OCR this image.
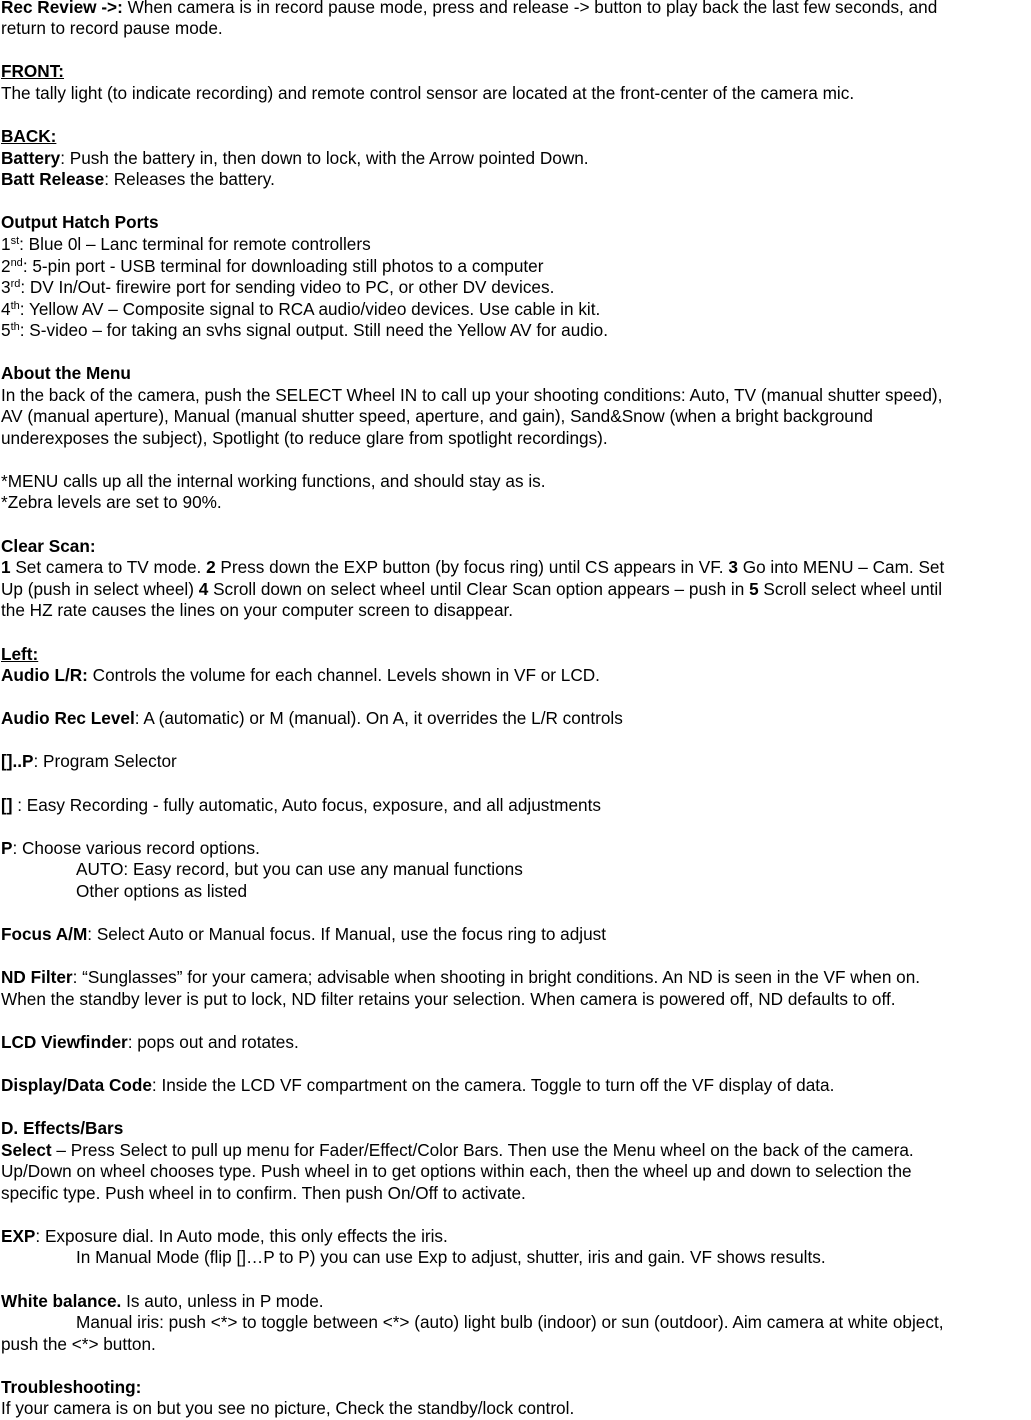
Rec Review ->: When camera is in record pause mode, press and release -> button to play back the last few seconds, and
return to record pause mode.
FRONT:
The tally light (to indicate recording) and remote control sensor are located at the front-center of the camera mic.
BACK:
Battery: Push the battery in, then down to lock, with the Arrow pointed Down.
Batt Release: Releases the battery.
Output Hatch Ports
1st: Blue 0l – Lanc terminal for remote controllers
2nd: 5-pin port - USB terminal for downloading still photos to a computer
3rd: DV In/Out- firewire port for sending video to PC, or other DV devices.
4th: Yellow AV – Composite signal to RCA audio/video devices. Use cable in kit.
5th: S-video – for taking an svhs signal output. Still need the Yellow AV for audio.
About the Menu
In the back of the camera, push the SELECT Wheel IN to call up your shooting conditions: Auto, TV (manual shutter speed),
AV (manual aperture), Manual (manual shutter speed, aperture, and gain), Sand&Snow (when a bright background
underexposes the subject), Spotlight (to reduce glare from spotlight recordings).
*MENU calls up all the internal working functions, and should stay as is.
*Zebra levels are set to 90%.
Clear Scan:
1 Set camera to TV mode. 2 Press down the EXP button (by focus ring) until CS appears in VF. 3 Go into MENU – Cam. Set
Up (push in select wheel) 4 Scroll down on select wheel until Clear Scan option appears – push in 5 Scroll select wheel until
the HZ rate causes the lines on your computer screen to disappear.
Left:
Audio L/R: Controls the volume for each channel. Levels shown in VF or LCD.
Audio Rec Level: A (automatic) or M (manual). On A, it overrides the L/R controls
[]..P: Program Selector
[] : Easy Recording - fully automatic, Auto focus, exposure, and all adjustments
P: Choose various record options.
AUTO: Easy record, but you can use any manual functions
Other options as listed
Focus A/M: Select Auto or Manual focus. If Manual, use the focus ring to adjust
ND Filter: “Sunglasses” for your camera; advisable when shooting in bright conditions. An ND is seen in the VF when on.
When the standby lever is put to lock, ND filter retains your selection. When camera is powered off, ND defaults to off.
LCD Viewfinder: pops out and rotates.
Display/Data Code: Inside the LCD VF compartment on the camera. Toggle to turn off the VF display of data.
D. Effects/Bars
Select – Press Select to pull up menu for Fader/Effect/Color Bars. Then use the Menu wheel on the back of the camera.
Up/Down on wheel chooses type. Push wheel in to get options within each, then the wheel up and down to selection the
specific type. Push wheel in to confirm. Then push On/Off to activate.
EXP: Exposure dial. In Auto mode, this only effects the iris.
In Manual Mode (flip []…P to P) you can use Exp to adjust, shutter, iris and gain. VF shows results.
White balance. Is auto, unless in P mode.
Manual iris: push <*> to toggle between <*> (auto) light bulb (indoor) or sun (outdoor). Aim camera at white object,
push the <*> button.
Troubleshooting:
If your camera is on but you see no picture, Check the standby/lock control.
